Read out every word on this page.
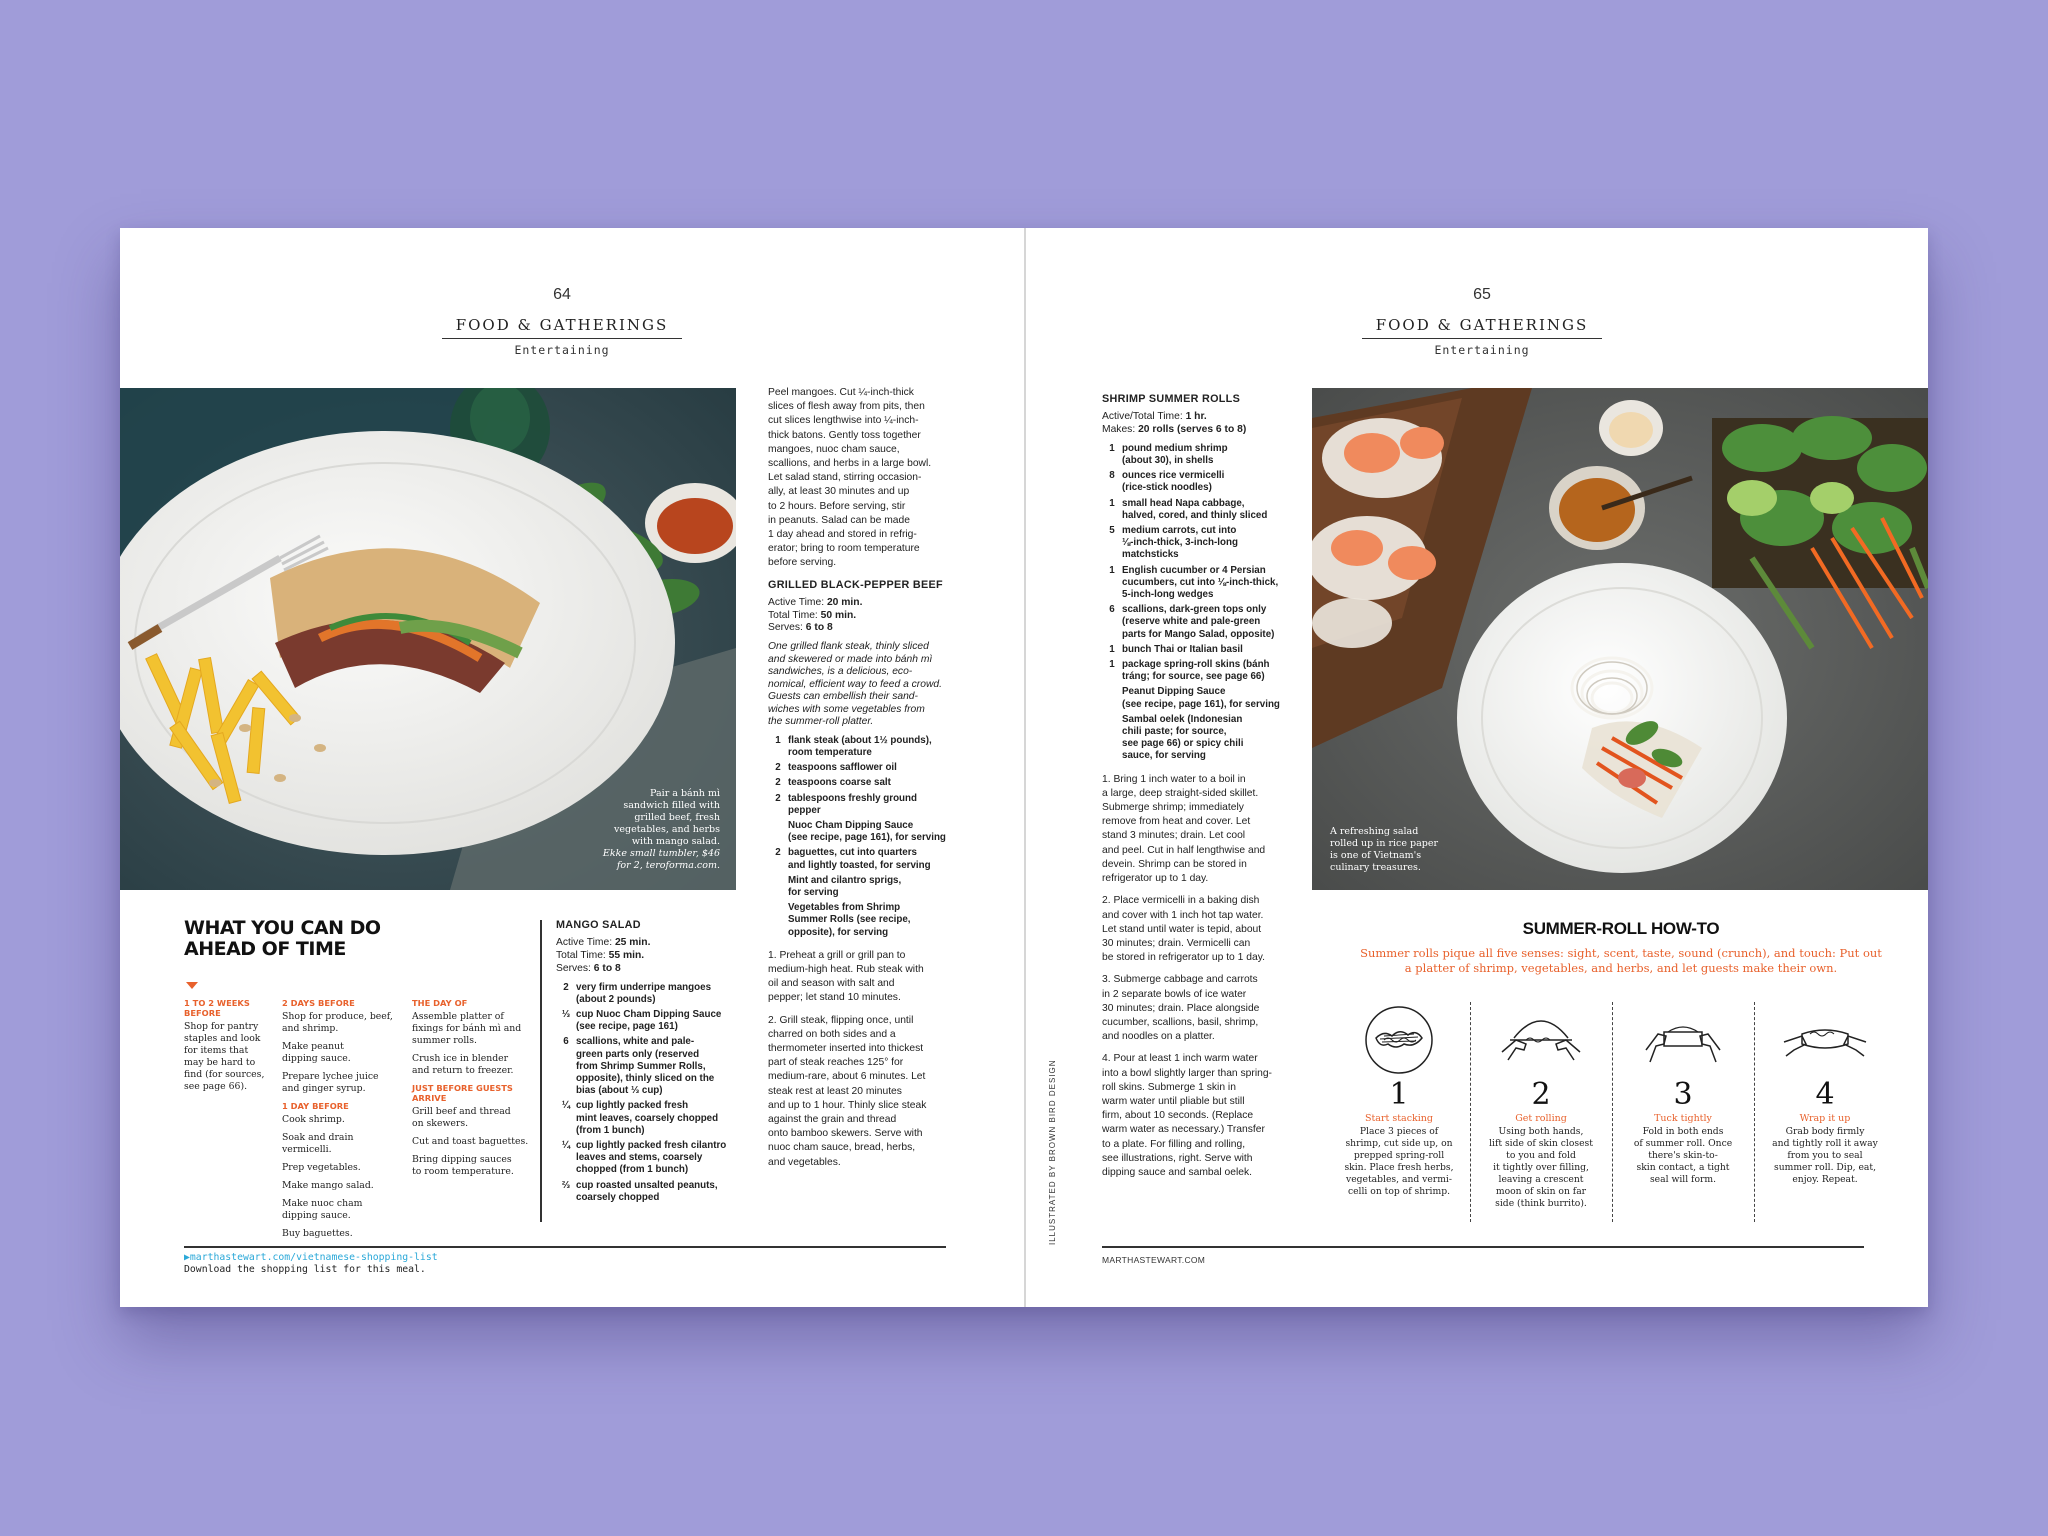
64
FOOD & GATHERINGS
Entertaining
Pair a bánh mì
sandwich filled with
grilled beef, fresh
vegetables, and herbs
with mango salad.
Ekke small tumbler, $46
for 2, teroforma.com.

Peel mangoes. Cut ¼-inch-thick
slices of flesh away from pits, then
cut slices lengthwise into ¼-inch-
thick batons. Gently toss together
mangoes, nuoc cham sauce,
scallions, and herbs in a large bowl.
Let salad stand, stirring occasion-
ally, at least 30 minutes and up
to 2 hours. Before serving, stir
in peanuts. Salad can be made
1 day ahead and stored in refrig-
erator; bring to room temperature
before serving.

GRILLED BLACK-PEPPER BEEF
Active Time: 20 min.
Total Time: 50 min.
Serves: 6 to 8
One grilled flank steak, thinly sliced
and skewered or made into bánh mì
sandwiches, is a delicious, eco-
nomical, efficient way to feed a crowd.
Guests can embellish their sand-
wiches with some vegetables from
the summer-roll platter.
1 flank steak (about 1½ pounds),
room temperature
2 teaspoons safflower oil
2 teaspoons coarse salt
2 tablespoons freshly ground
pepper
Nuoc Cham Dipping Sauce
(see recipe, page 161), for serving
2 baguettes, cut into quarters
and lightly toasted, for serving
Mint and cilantro sprigs,
for serving
Vegetables from Shrimp
Summer Rolls (see recipe,
opposite), for serving

1. Preheat a grill or grill pan to
medium-high heat. Rub steak with
oil and season with salt and
pepper; let stand 10 minutes.

2. Grill steak, flipping once, until
charred on both sides and a
thermometer inserted into thickest
part of steak reaches 125° for
medium-rare, about 6 minutes. Let
steak rest at least 20 minutes
and up to 1 hour. Thinly slice steak
against the grain and thread
onto bamboo skewers. Serve with
nuoc cham sauce, bread, herbs,
and vegetables.

WHAT YOU CAN DO
AHEAD OF TIME
1 TO 2 WEEKS
BEFORE
Shop for pantry
staples and look
for items that
may be hard to
find (for sources,
see page 66).
2 DAYS BEFORE
Shop for produce, beef,
and shrimp.
Make peanut
dipping sauce.
Prepare lychee juice
and ginger syrup.
1 DAY BEFORE
Cook shrimp.
Soak and drain vermicelli.
Prep vegetables.
Make mango salad.
Make nuoc cham
dipping sauce.
Buy baguettes.
THE DAY OF
Assemble platter of
fixings for bánh mì and
summer rolls.
Crush ice in blender
and return to freezer.
JUST BEFORE GUESTS
ARRIVE
Grill beef and thread
on skewers.
Cut and toast baguettes.
Bring dipping sauces
to room temperature.
MANGO SALAD
Active Time: 25 min.
Total Time: 55 min.
Serves: 6 to 8
2 very firm underripe mangoes
(about 2 pounds)
⅓ cup Nuoc Cham Dipping Sauce
(see recipe, page 161)
6 scallions, white and pale-
green parts only (reserved
from Shrimp Summer Rolls,
opposite), thinly sliced on the
bias (about ⅓ cup)
¼ cup lightly packed fresh
mint leaves, coarsely chopped
(from 1 bunch)
¼ cup lightly packed fresh cilantro
leaves and stems, coarsely
chopped (from 1 bunch)
⅔ cup roasted unsalted peanuts,
coarsely chopped
▶marthastewart.com/vietnamese-shopping-list
Download the shopping list for this meal.
65
FOOD & GATHERINGS
Entertaining
SHRIMP SUMMER ROLLS
Active/Total Time: 1 hr.
Makes: 20 rolls (serves 6 to 8)
1 pound medium shrimp
(about 30), in shells
8 ounces rice vermicelli
(rice-stick noodles)
1 small head Napa cabbage,
halved, cored, and thinly sliced
5 medium carrots, cut into
⅛-inch-thick, 3-inch-long
matchsticks
1 English cucumber or 4 Persian
cucumbers, cut into ⅛-inch-thick,
5-inch-long wedges
6 scallions, dark-green tops only
(reserve white and pale-green
parts for Mango Salad, opposite)
1 bunch Thai or Italian basil
1 package spring-roll skins (bánh
tráng; for source, see page 66)
Peanut Dipping Sauce
(see recipe, page 161), for serving
Sambal oelek (Indonesian
chili paste; for source,
see page 66) or spicy chili
sauce, for serving

1. Bring 1 inch water to a boil in
a large, deep straight-sided skillet.
Submerge shrimp; immediately
remove from heat and cover. Let
stand 3 minutes; drain. Let cool
and peel. Cut in half lengthwise and
devein. Shrimp can be stored in
refrigerator up to 1 day.

2. Place vermicelli in a baking dish
and cover with 1 inch hot tap water.
Let stand until water is tepid, about
30 minutes; drain. Vermicelli can
be stored in refrigerator up to 1 day.

3. Submerge cabbage and carrots
in 2 separate bowls of ice water
30 minutes; drain. Place alongside
cucumber, scallions, basil, shrimp,
and noodles on a platter.

4. Pour at least 1 inch warm water
into a bowl slightly larger than spring-
roll skins. Submerge 1 skin in
warm water until pliable but still
firm, about 10 seconds. (Replace
warm water as necessary.) Transfer
to a plate. For filling and rolling,
see illustrations, right. Serve with
dipping sauce and sambal oelek.

A refreshing salad
rolled up in rice paper
is one of Vietnam's
culinary treasures.
SUMMER-ROLL HOW-TO
Summer rolls pique all five senses: sight, scent, taste, sound (crunch), and touch: Put out
a platter of shrimp, vegetables, and herbs, and let guests make their own.
1
Start stacking
Place 3 pieces of
shrimp, cut side up, on
prepped spring-roll
skin. Place fresh herbs,
vegetables, and vermi-
celli on top of shrimp.
2
Get rolling
Using both hands,
lift side of skin closest
to you and fold
it tightly over filling,
leaving a crescent
moon of skin on far
side (think burrito).
3
Tuck tightly
Fold in both ends
of summer roll. Once
there's skin-to-
skin contact, a tight
seal will form.
4
Wrap it up
Grab body firmly
and tightly roll it away
from you to seal
summer roll. Dip, eat,
enjoy. Repeat.
MARTHASTEWART.COM
ILLUSTRATED BY BROWN BIRD DESIGN
